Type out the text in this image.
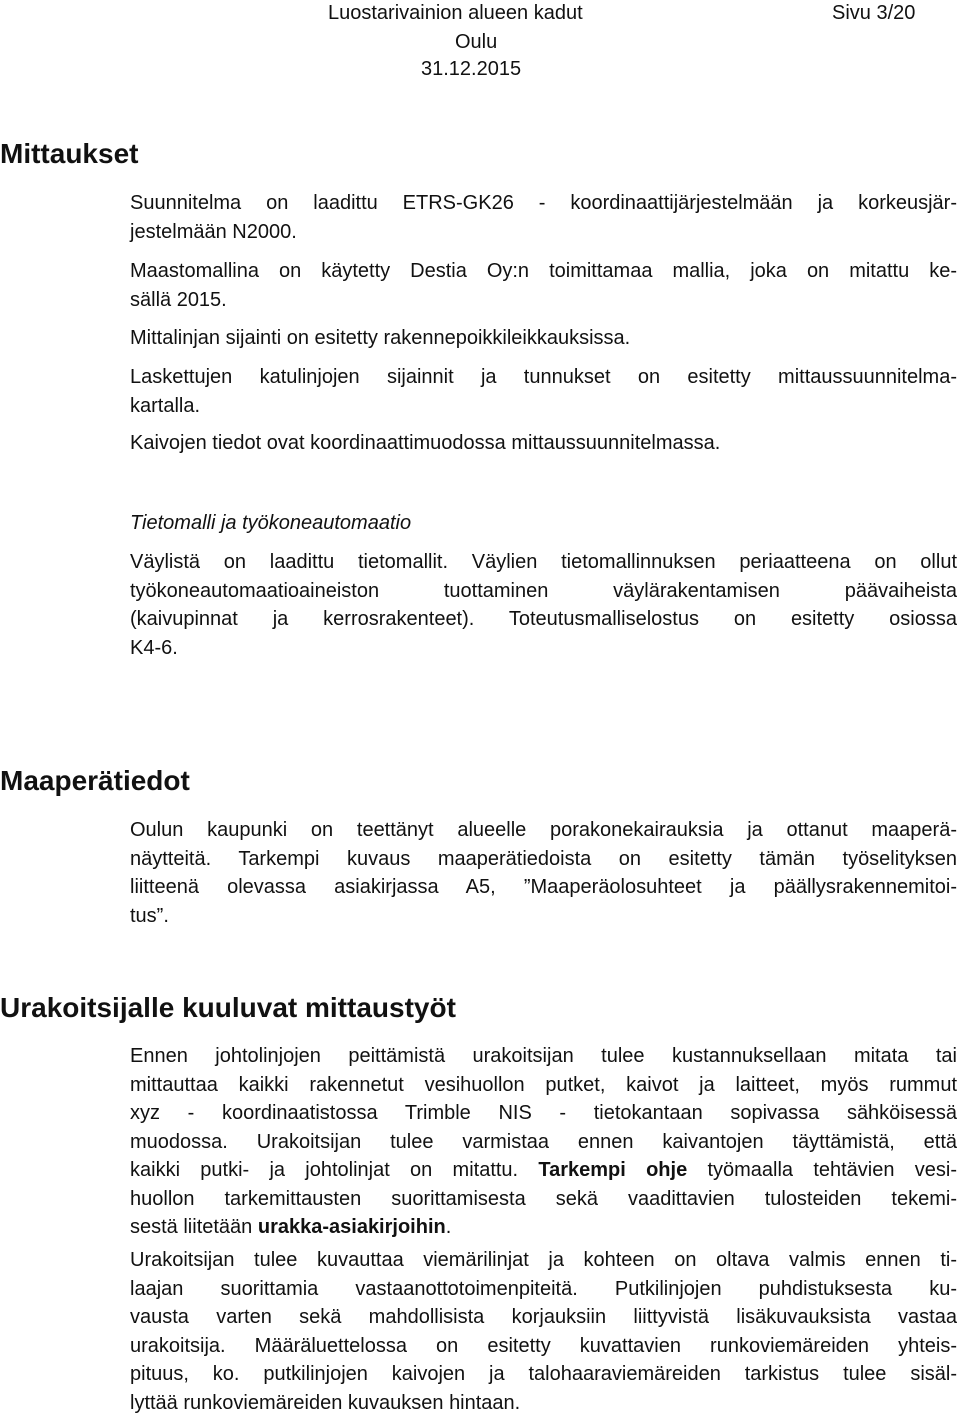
Luostarivainion alueen kadut	Sivu 3/20
Oulu
31.12.2015
Mittaukset

Suunnitelma on laadittu ETRS-GK26 - koordinaattijärjestelmään ja korkeusjär-
jestelmään N2000.

Maastomallina on käytetty Destia Oy:n toimittamaa mallia, joka on mitattu ke-
sällä 2015.

Mittalinjan sijainti on esitetty rakennepoikkileikkauksissa.

Laskettujen katulinjojen sijainnit ja tunnukset on esitetty mittaussuunnitelma-
kartalla.

Kaivojen tiedot ovat koordinaattimuodossa mittaussuunnitelmassa.

Tietomalli ja työkoneautomaatio

Väylistä on laadittu tietomallit. Väylien tietomallinnuksen periaatteena on ollut
työkoneautomaatioaineiston tuottaminen väylärakentamisen päävaiheista
(kaivupinnat ja kerrosrakenteet). Toteutusmalliselostus on esitetty osiossa
K4-6.

Maaperätiedot

Oulun kaupunki on teettänyt alueelle porakonekairauksia ja ottanut maaperä-
näytteitä. Tarkempi kuvaus maaperätiedoista on esitetty tämän työselityksen
liitteenä olevassa asiakirjassa A5, ”Maaperäolosuhteet ja päällysrakennemitoi-
tus”.

Urakoitsijalle kuuluvat mittaustyöt

Ennen johtolinjojen peittämistä urakoitsijan tulee kustannuksellaan mitata tai
mittauttaa kaikki rakennetut vesihuollon putket, kaivot ja laitteet, myös rummut
xyz - koordinaatistossa Trimble NIS - tietokantaan sopivassa sähköisessä
muodossa. Urakoitsijan tulee varmistaa ennen kaivantojen täyttämistä, että
kaikki putki- ja johtolinjat on mitattu. Tarkempi ohje työmaalla tehtävien vesi-
huollon tarkemittausten suorittamisesta sekä vaadittavien tulosteiden tekemi-
sestä liitetään urakka-asiakirjoihin.

Urakoitsijan tulee kuvauttaa viemärilinjat ja kohteen on oltava valmis ennen ti-
laajan suorittamia vastaanottotoimenpiteitä. Putkilinjojen puhdistuksesta ku-
vausta varten sekä mahdollisista korjauksiin liittyvistä lisäkuvauksista vastaa
urakoitsija. Määräluettelossa on esitetty kuvattavien runkoviemäreiden yhteis-
pituus, ko. putkilinjojen kaivojen ja talohaaraviemäreiden tarkistus tulee sisäl-
lyttää runkoviemäreiden kuvauksen hintaan.
